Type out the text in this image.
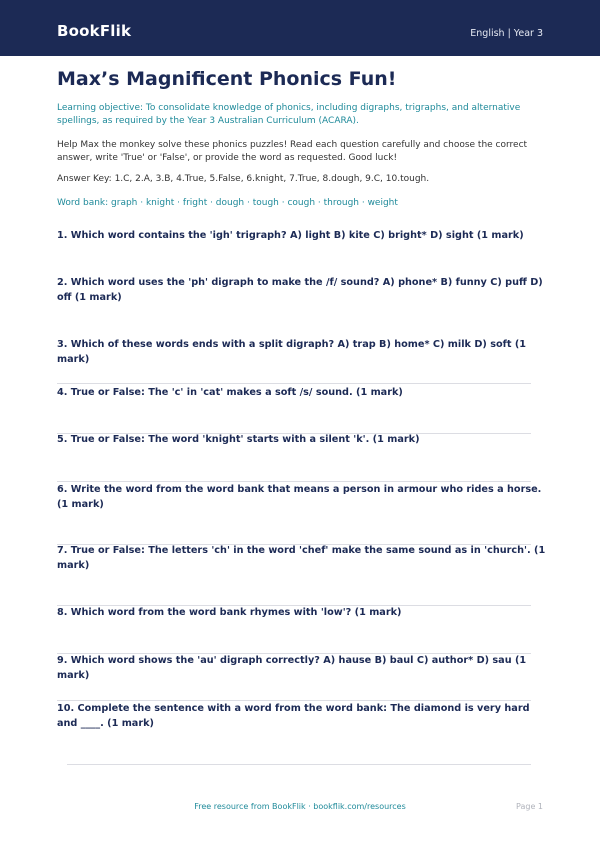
BookFlik	English | Year 3
Max’s Magnificent Phonics Fun!

Learning objective: To consolidate knowledge of phonics, including digraphs, trigraphs, and alternative spellings, as required by the Year 3 Australian Curriculum (ACARA).

Help Max the monkey solve these phonics puzzles! Read each question carefully and choose the correct answer, write 'True' or 'False', or provide the word as requested. Good luck!

Answer Key: 1.C, 2.A, 3.B, 4.True, 5.False, 6.knight, 7.True, 8.dough, 9.C, 10.tough.

Word bank: graph · knight · fright · dough · tough · cough · through · weight

1. Which word contains the 'igh' trigraph? A) light B) kite C) bright* D) sight (1 mark)
2. Which word uses the 'ph' digraph to make the /f/ sound? A) phone* B) funny C) puff D) off (1 mark)
3. Which of these words ends with a split digraph? A) trap B) home* C) milk D) soft (1 mark)
4. True or False: The 'c' in 'cat' makes a soft /s/ sound. (1 mark)
5. True or False: The word 'knight' starts with a silent 'k'. (1 mark)
6. Write the word from the word bank that means a person in armour who rides a horse. (1 mark)
7. True or False: The letters 'ch' in the word 'chef' make the same sound as in 'church'. (1 mark)
8. Which word from the word bank rhymes with 'low'? (1 mark)
9. Which word shows the 'au' digraph correctly? A) hause B) baul C) author* D) sau (1 mark)
10. Complete the sentence with a word from the word bank: The diamond is very hard and ____. (1 mark)
Free resource from BookFlik · bookflik.com/resources	Page 1
